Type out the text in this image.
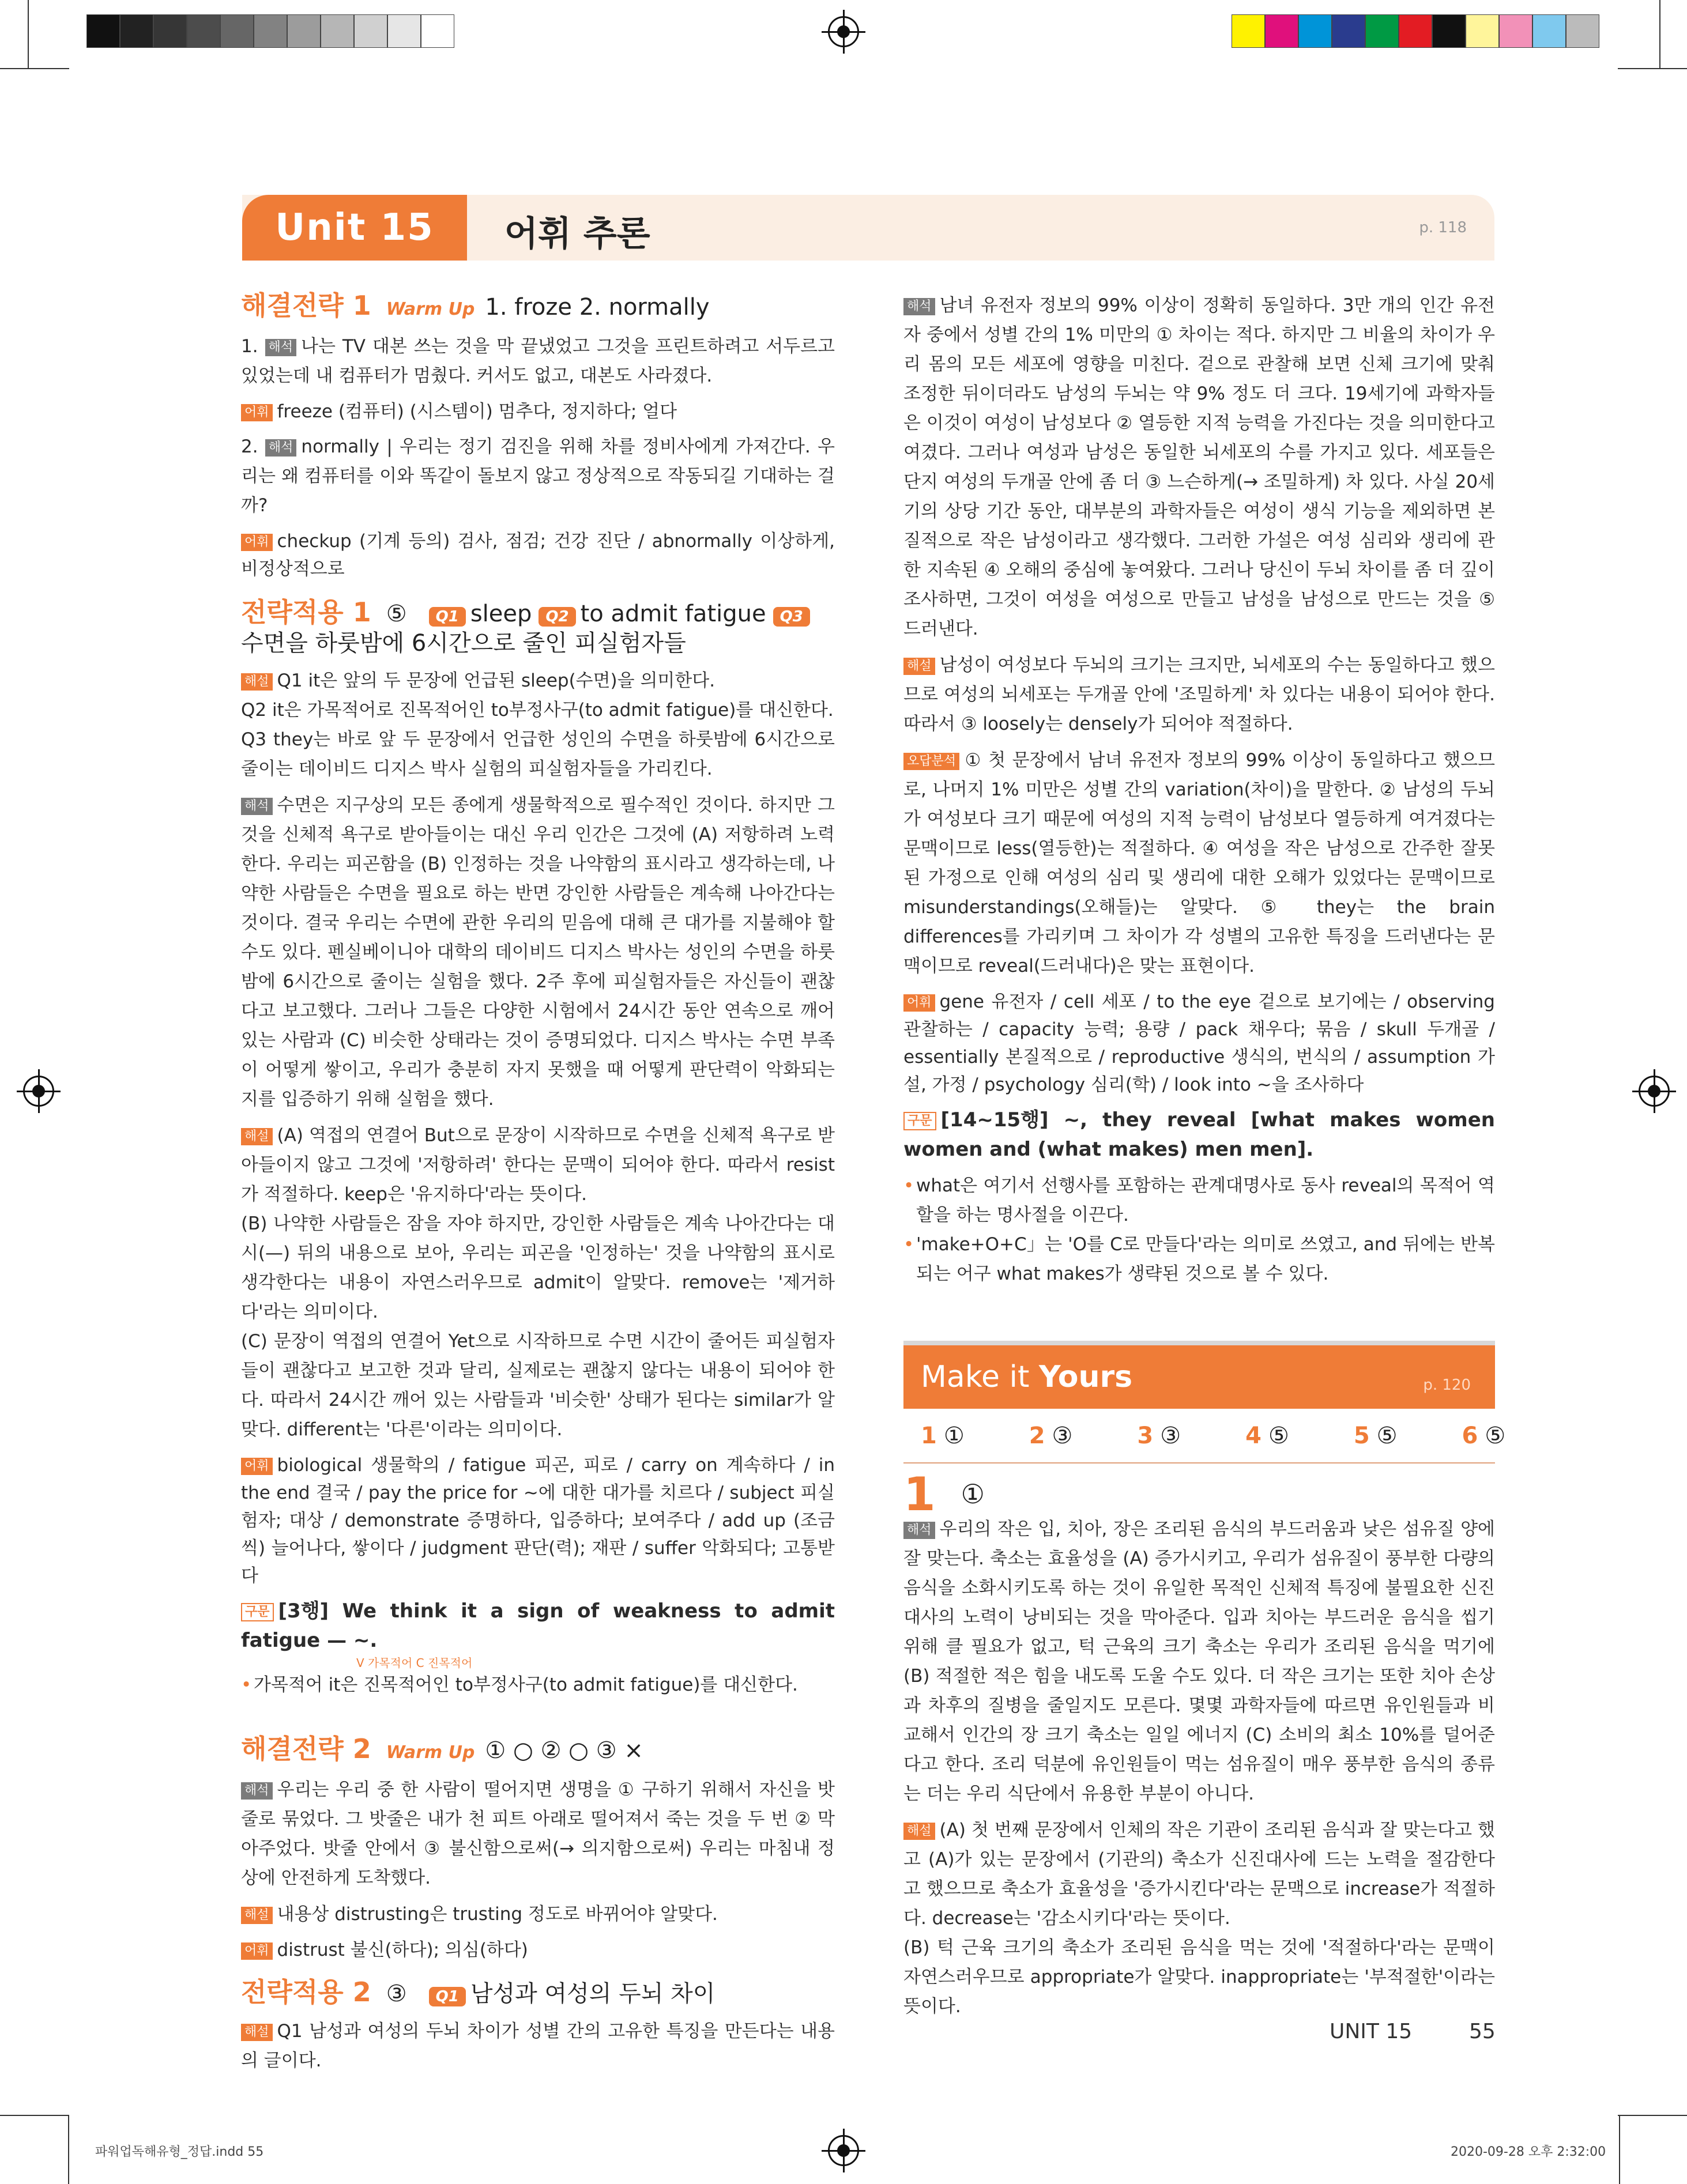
Unit 15	어휘 추론	p. 118
해결전략 1 Warm Up 1. froze 2. normally
1. 해석 나는 TV 대본 쓰는 것을 막 끝냈었고 그것을 프린트하려고 서두르고 있었는데 내 컴퓨터가 멈췄다. 커서도 없고, 대본도 사라졌다.
어휘 freeze (컴퓨터) (시스템이) 멈추다, 정지하다; 얼다
2. 해석 normally | 우리는 정기 검진을 위해 차를 정비사에게 가져간다. 우리는 왜 컴퓨터를 이와 똑같이 돌보지 않고 정상적으로 작동되길 기대하는 걸까?
어휘 checkup (기계 등의) 검사, 점검; 건강 진단 / abnormally 이상하게, 비정상적으로
전략적용 1 ⑤	Q1 sleep Q2 to admit fatigue Q3
수면을 하룻밤에 6시간으로 줄인 피실험자들
해설 Q1 it은 앞의 두 문장에 언급된 sleep(수면)을 의미한다.
Q2 it은 가목적어로 진목적어인 to부정사구(to admit fatigue)를 대신한다.
Q3 they는 바로 앞 두 문장에서 언급한 성인의 수면을 하룻밤에 6시간으로 줄이는 데이비드 디지스 박사 실험의 피실험자들을 가리킨다.
해석 수면은 지구상의 모든 종에게 생물학적으로 필수적인 것이다. 하지만 그것을 신체적 욕구로 받아들이는 대신 우리 인간은 그것에 (A) 저항하려 노력한다. 우리는 피곤함을 (B) 인정하는 것을 나약함의 표시라고 생각하는데, 나약한 사람들은 수면을 필요로 하는 반면 강인한 사람들은 계속해 나아간다는 것이다. 결국 우리는 수면에 관한 우리의 믿음에 대해 큰 대가를 지불해야 할 수도 있다. 펜실베이니아 대학의 데이비드 디지스 박사는 성인의 수면을 하룻밤에 6시간으로 줄이는 실험을 했다. 2주 후에 피실험자들은 자신들이 괜찮다고 보고했다. 그러나 그들은 다양한 시험에서 24시간 동안 연속으로 깨어 있는 사람과 (C) 비슷한 상태라는 것이 증명되었다. 디지스 박사는 수면 부족이 어떻게 쌓이고, 우리가 충분히 자지 못했을 때 어떻게 판단력이 악화되는지를 입증하기 위해 실험을 했다.
해설 (A) 역접의 연결어 But으로 문장이 시작하므로 수면을 신체적 욕구로 받아들이지 않고 그것에 '저항하려' 한다는 문맥이 되어야 한다. 따라서 resist가 적절하다. keep은 '유지하다'라는 뜻이다.
(B) 나약한 사람들은 잠을 자야 하지만, 강인한 사람들은 계속 나아간다는 대시(—) 뒤의 내용으로 보아, 우리는 피곤을 '인정하는' 것을 나약함의 표시로 생각한다는 내용이 자연스러우므로 admit이 알맞다. remove는 '제거하다'라는 의미이다.
(C) 문장이 역접의 연결어 Yet으로 시작하므로 수면 시간이 줄어든 피실험자들이 괜찮다고 보고한 것과 달리, 실제로는 괜찮지 않다는 내용이 되어야 한다. 따라서 24시간 깨어 있는 사람들과 '비슷한' 상태가 된다는 similar가 알맞다. different는 '다른'이라는 의미이다.
어휘 biological 생물학의 / fatigue 피곤, 피로 / carry on 계속하다 / in the end 결국 / pay the price for ~에 대한 대가를 치르다 / subject 피실험자; 대상 / demonstrate 증명하다, 입증하다; 보여주다 / add up (조금씩) 늘어나다, 쌓이다 / judgment 판단(력); 재판 / suffer 악화되다; 고통받다
구문 [3행] We think it a sign of weakness to admit fatigue — ~.
V 가목적어 C 진목적어
• 가목적어 it은 진목적어인 to부정사구(to admit fatigue)를 대신한다.
해결전략 2 Warm Up ① ○ ② ○ ③ ×
해석 우리는 우리 중 한 사람이 떨어지면 생명을 ① 구하기 위해서 자신을 밧줄로 묶었다. 그 밧줄은 내가 천 피트 아래로 떨어져서 죽는 것을 두 번 ② 막아주었다. 밧줄 안에서 ③ 불신함으로써(→ 의지함으로써) 우리는 마침내 정상에 안전하게 도착했다.
해설 내용상 distrusting은 trusting 정도로 바뀌어야 알맞다.
어휘 distrust 불신(하다); 의심(하다)
전략적용 2 ③	Q1 남성과 여성의 두뇌 차이
해설 Q1 남성과 여성의 두뇌 차이가 성별 간의 고유한 특징을 만든다는 내용의 글이다.
해석 남녀 유전자 정보의 99% 이상이 정확히 동일하다. 3만 개의 인간 유전자 중에서 성별 간의 1% 미만의 ① 차이는 적다. 하지만 그 비율의 차이가 우리 몸의 모든 세포에 영향을 미친다. 겉으로 관찰해 보면 신체 크기에 맞춰 조정한 뒤이더라도 남성의 두뇌는 약 9% 정도 더 크다. 19세기에 과학자들은 이것이 여성이 남성보다 ② 열등한 지적 능력을 가진다는 것을 의미한다고 여겼다. 그러나 여성과 남성은 동일한 뇌세포의 수를 가지고 있다. 세포들은 단지 여성의 두개골 안에 좀 더 ③ 느슨하게(→ 조밀하게) 차 있다. 사실 20세기의 상당 기간 동안, 대부분의 과학자들은 여성이 생식 기능을 제외하면 본질적으로 작은 남성이라고 생각했다. 그러한 가설은 여성 심리와 생리에 관한 지속된 ④ 오해의 중심에 놓여왔다. 그러나 당신이 두뇌 차이를 좀 더 깊이 조사하면, 그것이 여성을 여성으로 만들고 남성을 남성으로 만드는 것을 ⑤ 드러낸다.
해설 남성이 여성보다 두뇌의 크기는 크지만, 뇌세포의 수는 동일하다고 했으므로 여성의 뇌세포는 두개골 안에 '조밀하게' 차 있다는 내용이 되어야 한다. 따라서 ③ loosely는 densely가 되어야 적절하다.
오답분석 ① 첫 문장에서 남녀 유전자 정보의 99% 이상이 동일하다고 했으므로, 나머지 1% 미만은 성별 간의 variation(차이)을 말한다. ② 남성의 두뇌가 여성보다 크기 때문에 여성의 지적 능력이 남성보다 열등하게 여겨졌다는 문맥이므로 less(열등한)는 적절하다. ④ 여성을 작은 남성으로 간주한 잘못된 가정으로 인해 여성의 심리 및 생리에 대한 오해가 있었다는 문맥이므로 misunderstandings(오해들)는 알맞다. ⑤ they는 the brain differences를 가리키며 그 차이가 각 성별의 고유한 특징을 드러낸다는 문맥이므로 reveal(드러내다)은 맞는 표현이다.
어휘 gene 유전자 / cell 세포 / to the eye 겉으로 보기에는 / observing 관찰하는 / capacity 능력; 용량 / pack 채우다; 묶음 / skull 두개골 / essentially 본질적으로 / reproductive 생식의, 번식의 / assumption 가설, 가정 / psychology 심리(학) / look into ~을 조사하다
구문 [14~15행] ~, they reveal [what makes women women and (what makes) men men].
• what은 여기서 선행사를 포함하는 관계대명사로 동사 reveal의 목적어 역할을 하는 명사절을 이끈다.
• 'make+O+C」는 'O를 C로 만들다'라는 의미로 쓰였고, and 뒤에는 반복되는 어구 what makes가 생략된 것으로 볼 수 있다.
Make it Yours	p. 120
1 ①	2 ③	3 ③	4 ⑤	5 ⑤	6 ⑤
1 ①
해석 우리의 작은 입, 치아, 장은 조리된 음식의 부드러움과 낮은 섬유질 양에 잘 맞는다. 축소는 효율성을 (A) 증가시키고, 우리가 섬유질이 풍부한 다량의 음식을 소화시키도록 하는 것이 유일한 목적인 신체적 특징에 불필요한 신진대사의 노력이 낭비되는 것을 막아준다. 입과 치아는 부드러운 음식을 씹기 위해 클 필요가 없고, 턱 근육의 크기 축소는 우리가 조리된 음식을 먹기에 (B) 적절한 적은 힘을 내도록 도울 수도 있다. 더 작은 크기는 또한 치아 손상과 차후의 질병을 줄일지도 모른다. 몇몇 과학자들에 따르면 유인원들과 비교해서 인간의 장 크기 축소는 일일 에너지 (C) 소비의 최소 10%를 덜어준다고 한다. 조리 덕분에 유인원들이 먹는 섬유질이 매우 풍부한 음식의 종류는 더는 우리 식단에서 유용한 부분이 아니다.
해설 (A) 첫 번째 문장에서 인체의 작은 기관이 조리된 음식과 잘 맞는다고 했고 (A)가 있는 문장에서 (기관의) 축소가 신진대사에 드는 노력을 절감한다고 했으므로 축소가 효율성을 '증가시킨다'라는 문맥으로 increase가 적절하다. decrease는 '감소시키다'라는 뜻이다.
(B) 턱 근육 크기의 축소가 조리된 음식을 먹는 것에 '적절하다'라는 문맥이 자연스러우므로 appropriate가 알맞다. inappropriate는 '부적절한'이라는 뜻이다.
UNIT 15	55
파워업독해유형_정답.indd 55	2020-09-28 오후 2:32:00
